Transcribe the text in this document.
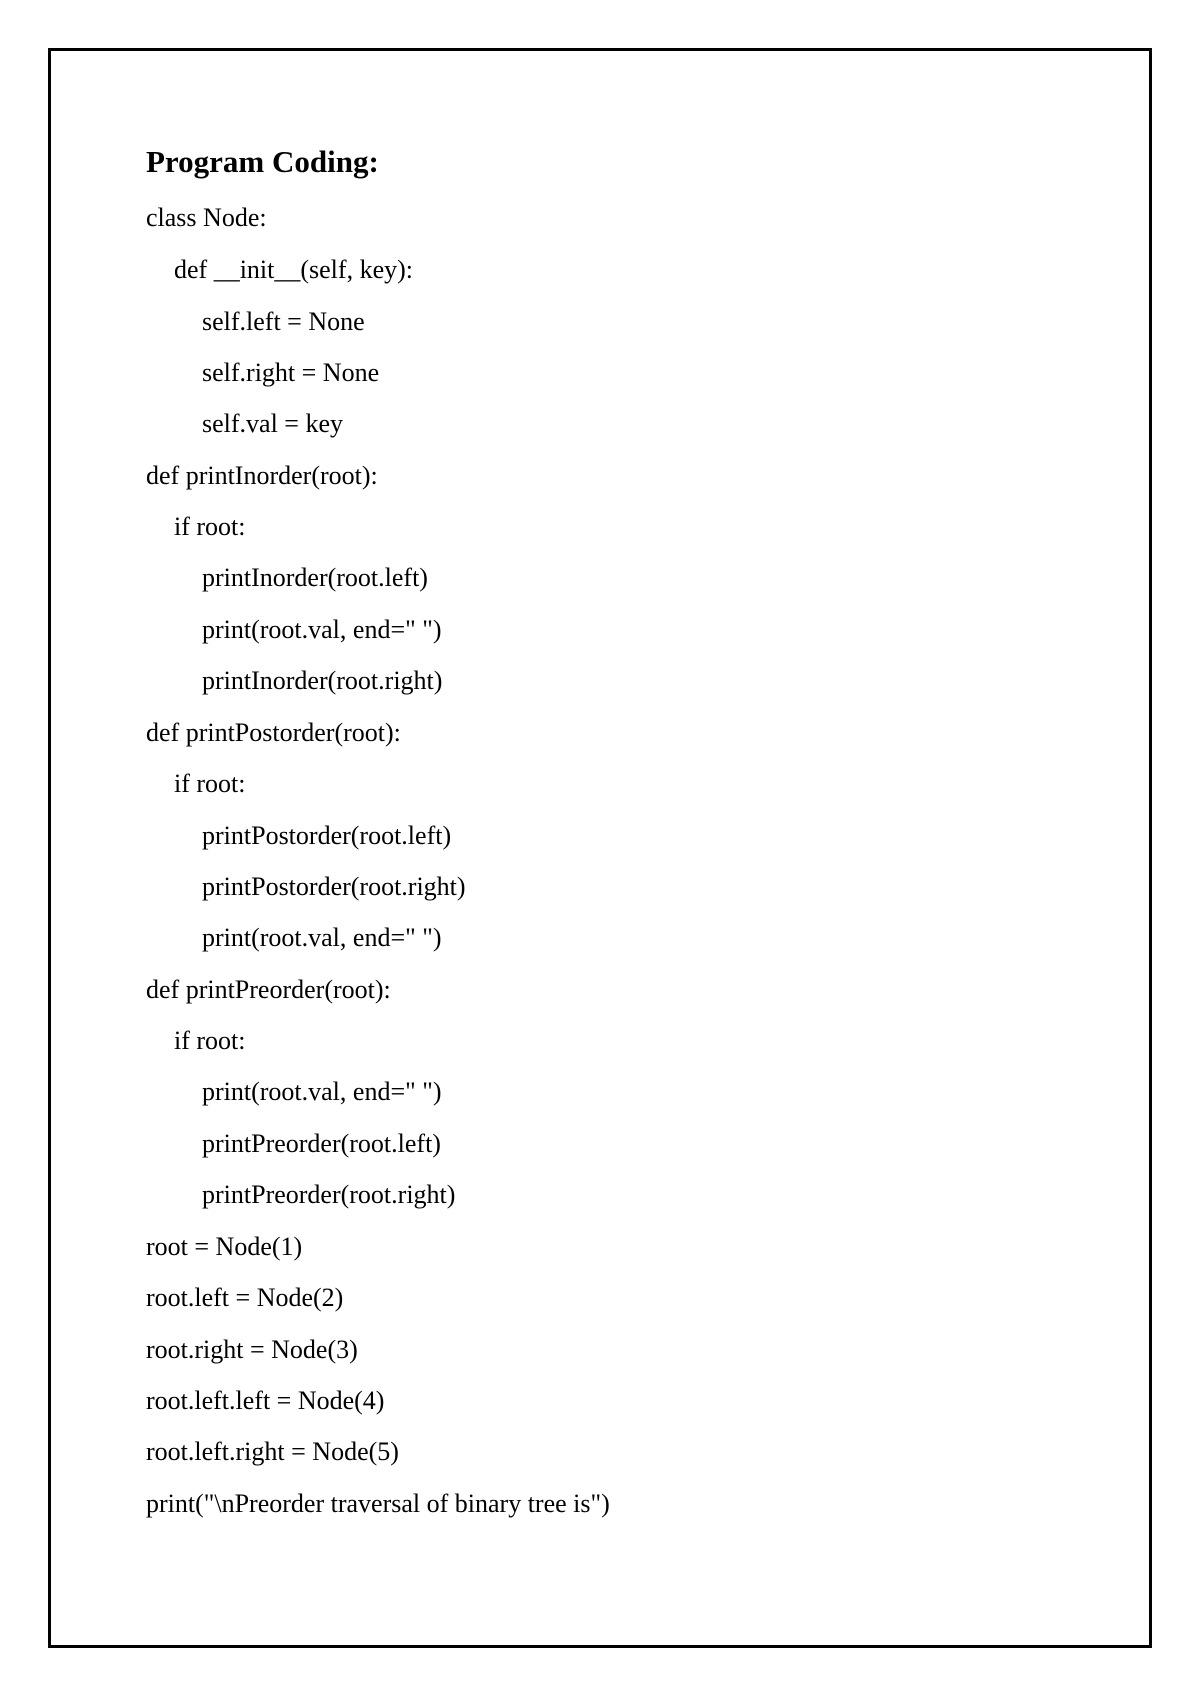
Program Coding:
class Node:
def __init__(self, key):
self.left = None
self.right = None
self.val = key
def printInorder(root):
if root:
printInorder(root.left)
print(root.val, end=" ")
printInorder(root.right)
def printPostorder(root):
if root:
printPostorder(root.left)
printPostorder(root.right)
print(root.val, end=" ")
def printPreorder(root):
if root:
print(root.val, end=" ")
printPreorder(root.left)
printPreorder(root.right)
root = Node(1)
root.left = Node(2)
root.right = Node(3)
root.left.left = Node(4)
root.left.right = Node(5)
print("\nPreorder traversal of binary tree is")
